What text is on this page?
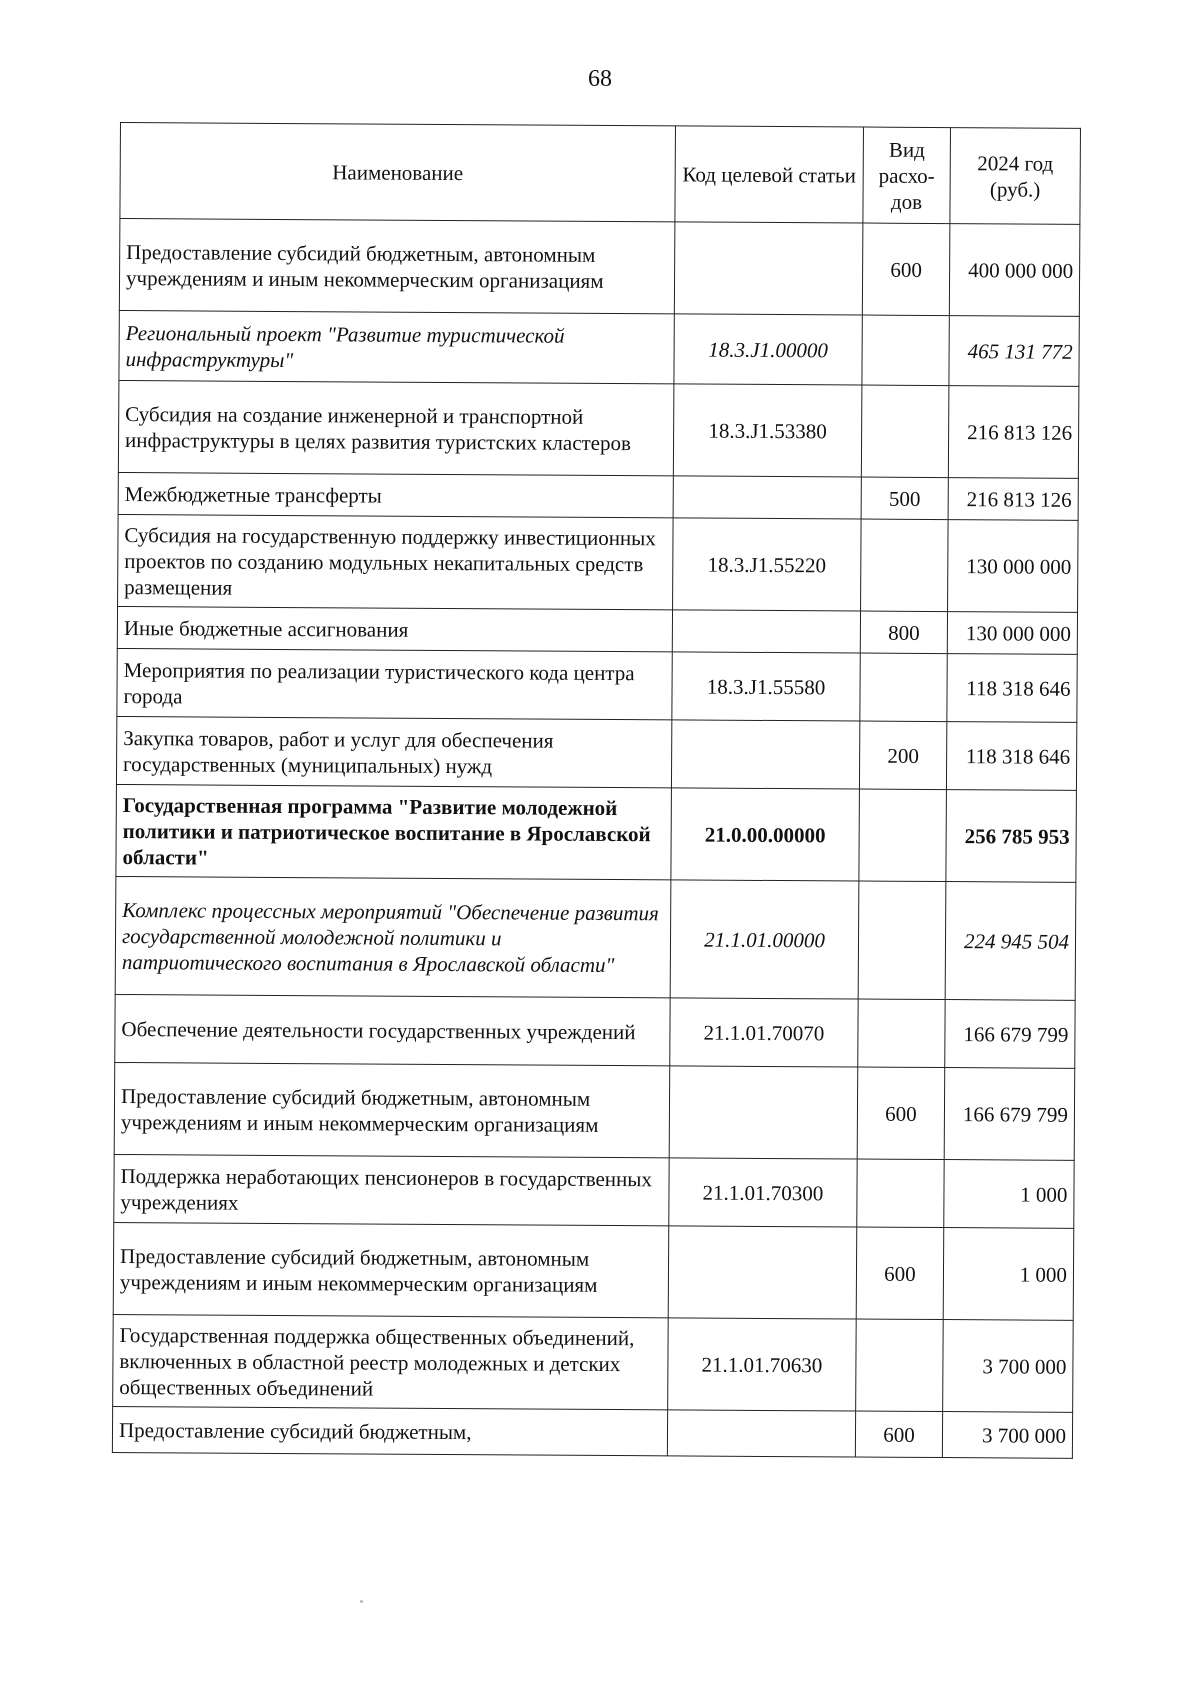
68
Наименование	Код целевой статьи	Вид расхо-дов	2024 год (руб.)
Предоставление субсидий бюджетным, автономным учреждениям и иным некоммерческим организациям		600	400 000 000
Региональный проект "Развитие туристической инфраструктуры"	18.3.J1.00000		465 131 772
Субсидия на создание инженерной и транспортной инфраструктуры в целях развития туристских кластеров	18.3.J1.53380		216 813 126
Межбюджетные трансферты		500	216 813 126
Субсидия на государственную поддержку инвестиционных проектов по созданию модульных некапитальных средств размещения	18.3.J1.55220		130 000 000
Иные бюджетные ассигнования		800	130 000 000
Мероприятия по реализации туристического кода центра города	18.3.J1.55580		118 318 646
Закупка товаров, работ и услуг для обеспечения государственных (муниципальных) нужд		200	118 318 646
Государственная программа "Развитие молодежной политики и патриотическое воспитание в Ярославской области"	21.0.00.00000		256 785 953
Комплекс процессных мероприятий "Обеспечение развития государственной молодежной политики и патриотического воспитания в Ярославской области"	21.1.01.00000		224 945 504
Обеспечение деятельности государственных учреждений	21.1.01.70070		166 679 799
Предоставление субсидий бюджетным, автономным учреждениям и иным некоммерческим организациям		600	166 679 799
Поддержка неработающих пенсионеров в государственных учреждениях	21.1.01.70300		1 000
Предоставление субсидий бюджетным, автономным учреждениям и иным некоммерческим организациям		600	1 000
Государственная поддержка общественных объединений, включенных в областной реестр молодежных и детских общественных объединений	21.1.01.70630		3 700 000
Предоставление субсидий бюджетным,		600	3 700 000
